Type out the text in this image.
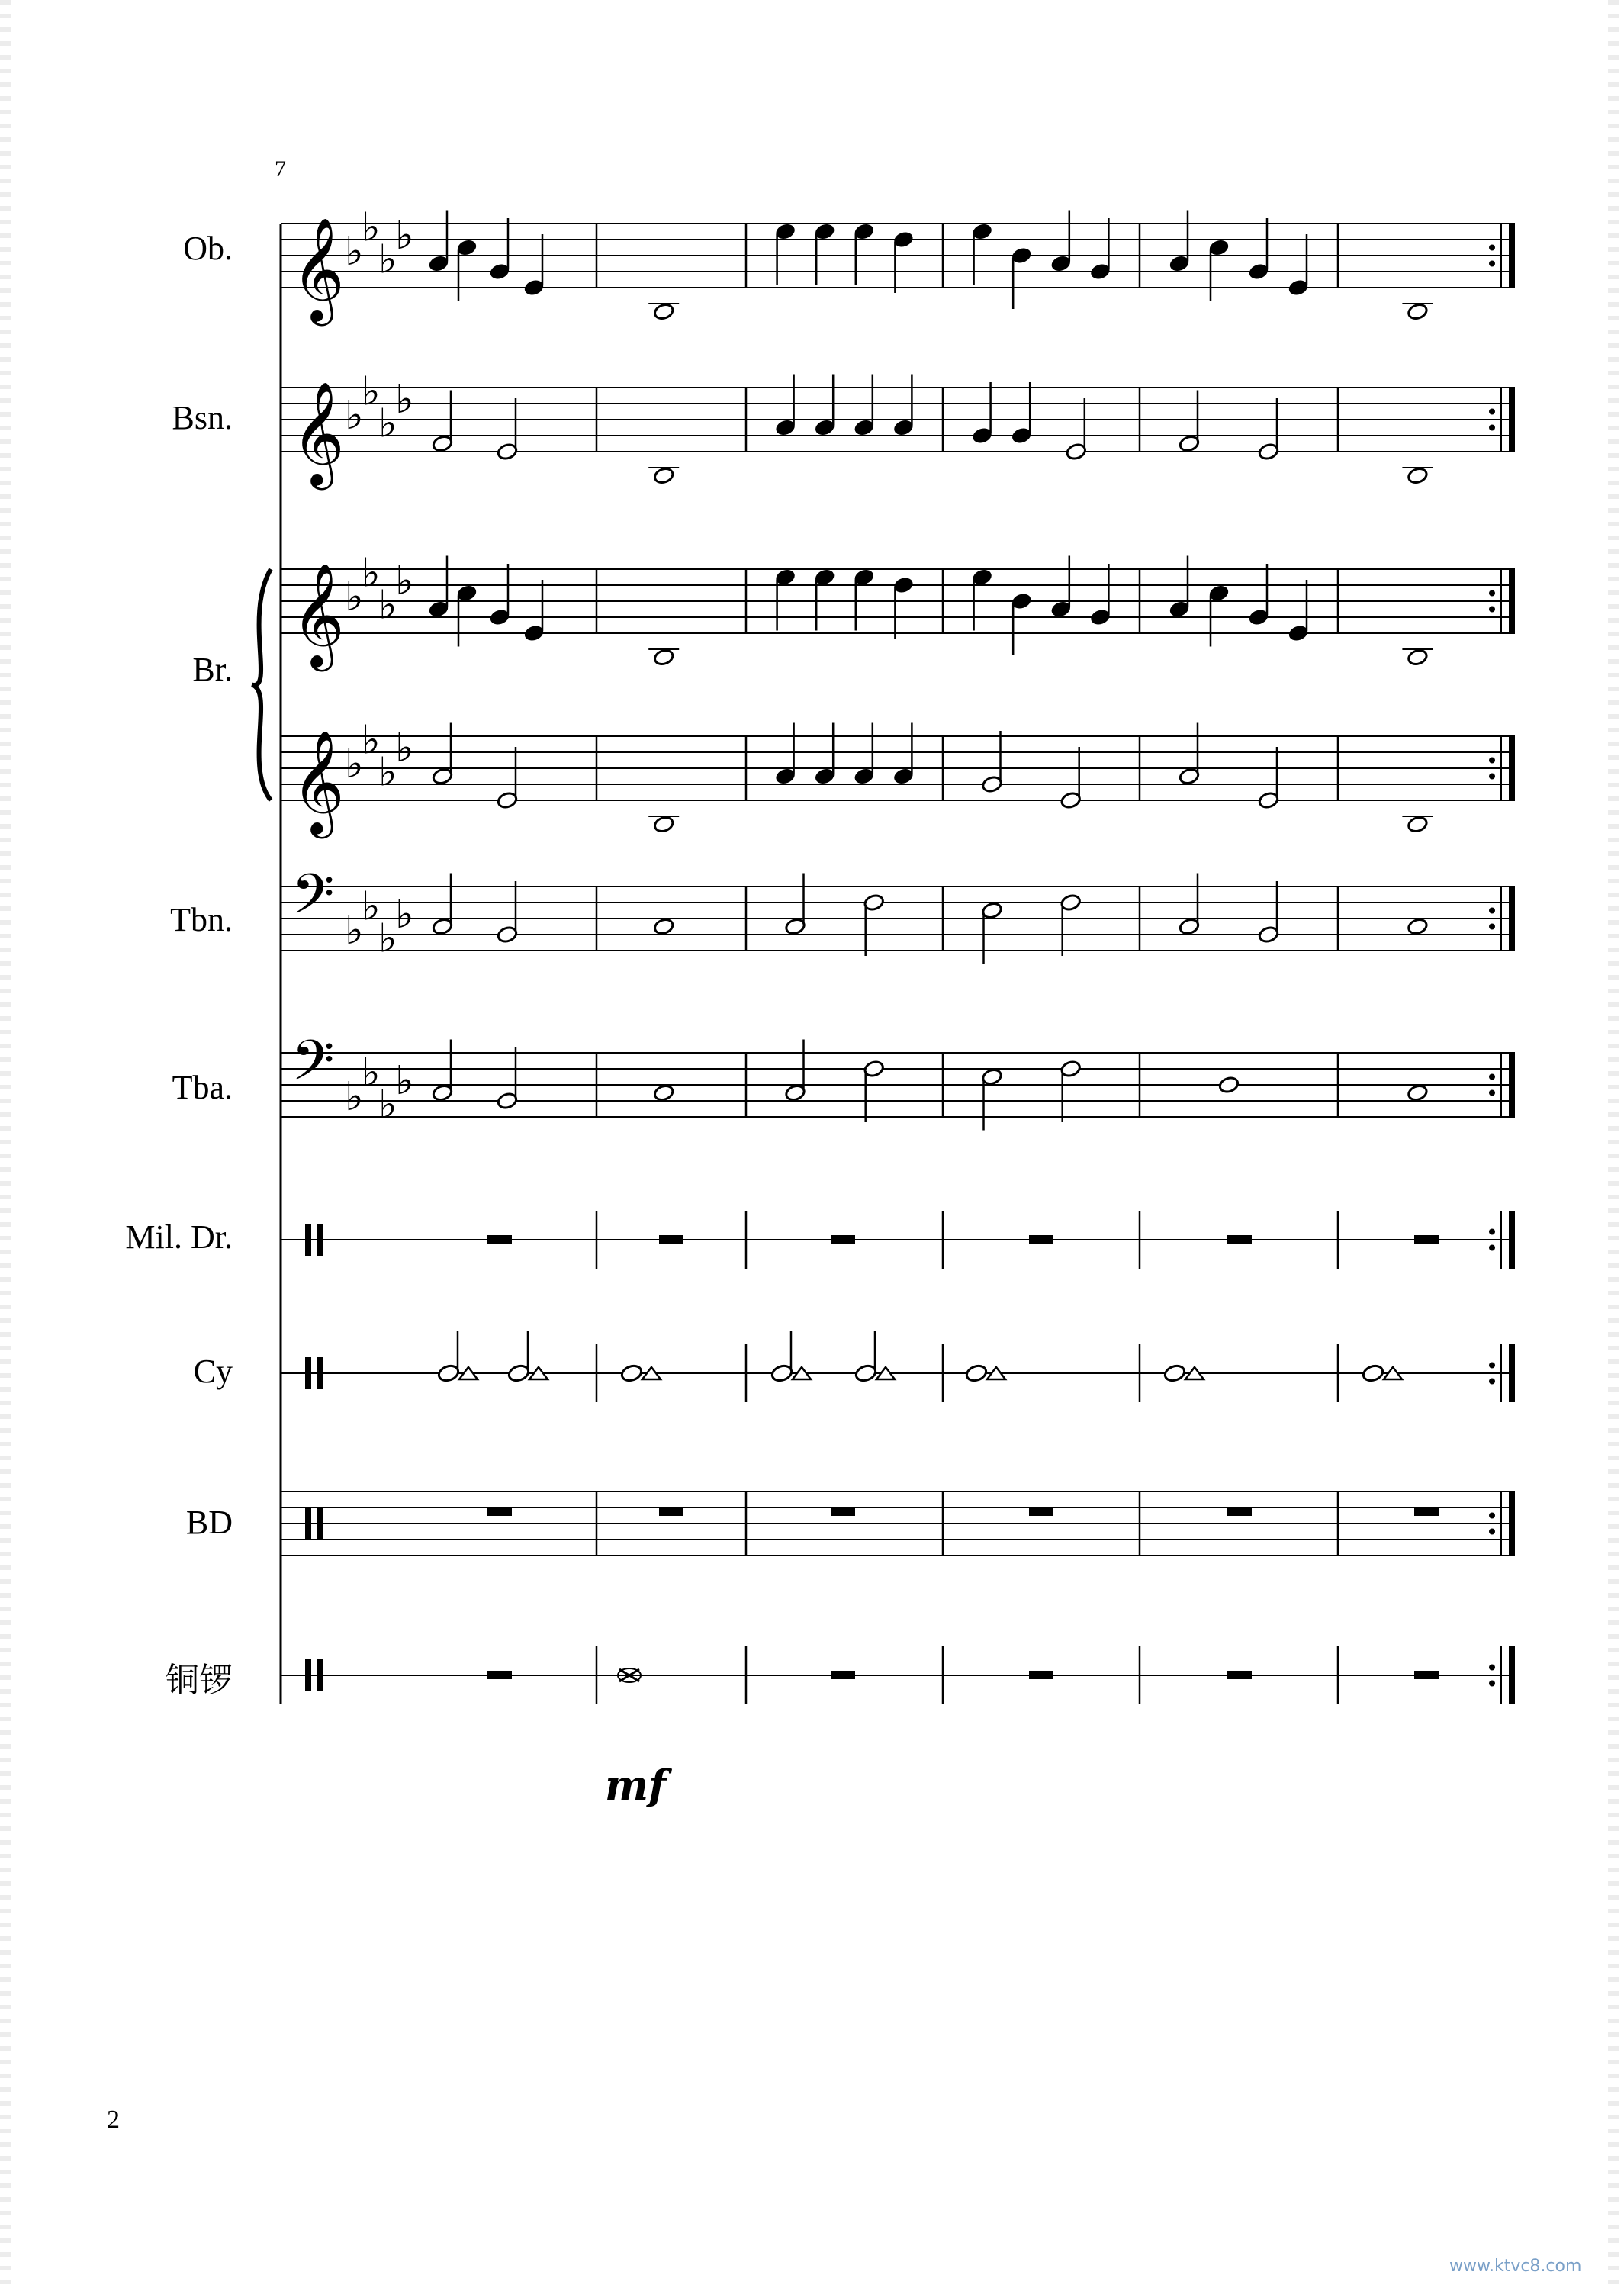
𝄞 ♭
♭
♭
♭
𝄞 ♭
♭
♭
♭
𝄞 ♭
♭
♭
♭
𝄞 ♭
♭
♭
♭
𝄢 ♭
♭
♭
♭
𝄢 ♭
♭
♭
♭
7
Ob.
Bsn.
Br.
Tbn.
Tba.
Mil. Dr.
Cy
BD
铜锣
mf
2
www.ktvc8.com
